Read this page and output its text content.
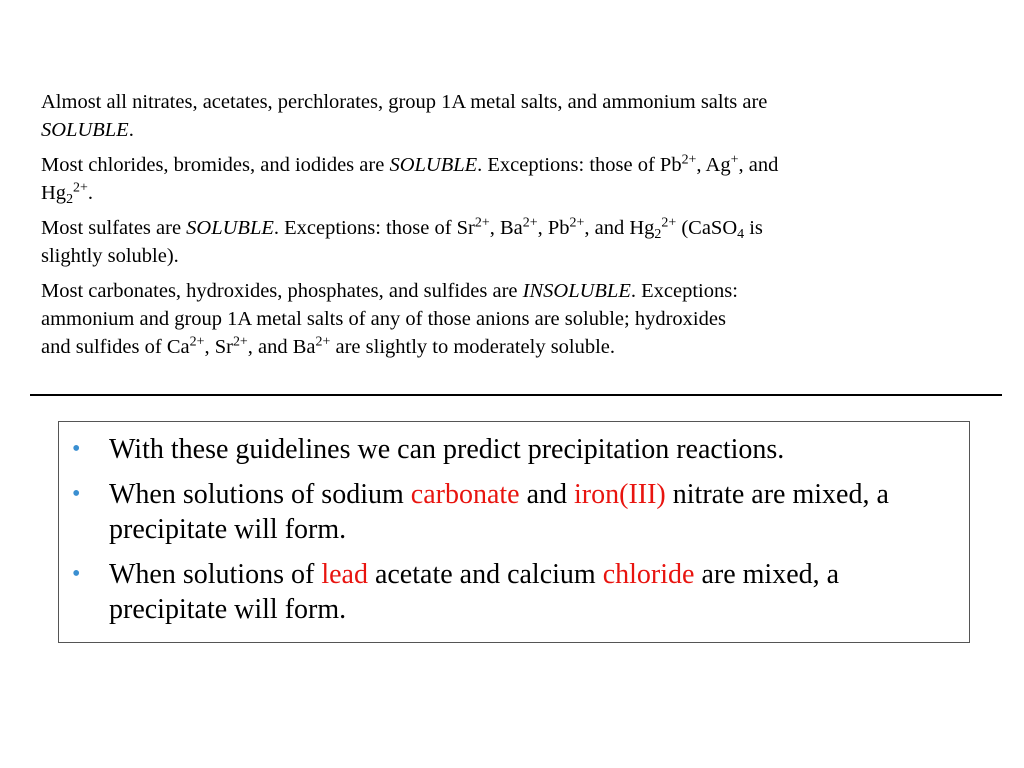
Almost all nitrates, acetates, perchlorates, group 1A metal salts, and ammonium salts are
SOLUBLE.
Most chlorides, bromides, and iodides are SOLUBLE. Exceptions: those of $Pb^{2+}$, Ag+, and
$Hg_2^{2+}$.
Most sulfates are SOLUBLE. Exceptions: those of $Sr^{2+}$, $Ba^{2+}$, $Pb^{2+}$, and $Hg_2^{2+}$ (CaSO$_4$ is
slightly soluble).
Most carbonates, hydroxides, phosphates, and sulfides are INSOLUBLE. Exceptions:
ammonium and group 1A metal salts of any of those anions are soluble; hydroxides
and sulfides of $Ca^{2+}$, $Sr^{2+}$, and $Ba^{2+}$ are slightly to moderately soluble.
• With these guidelines we can predict precipitation reactions.
• When solutions of sodium carbonate and iron(III) nitrate are mixed, a precipitate will form.
• When solutions of lead acetate and calcium chloride are mixed, a precipitate will form.
